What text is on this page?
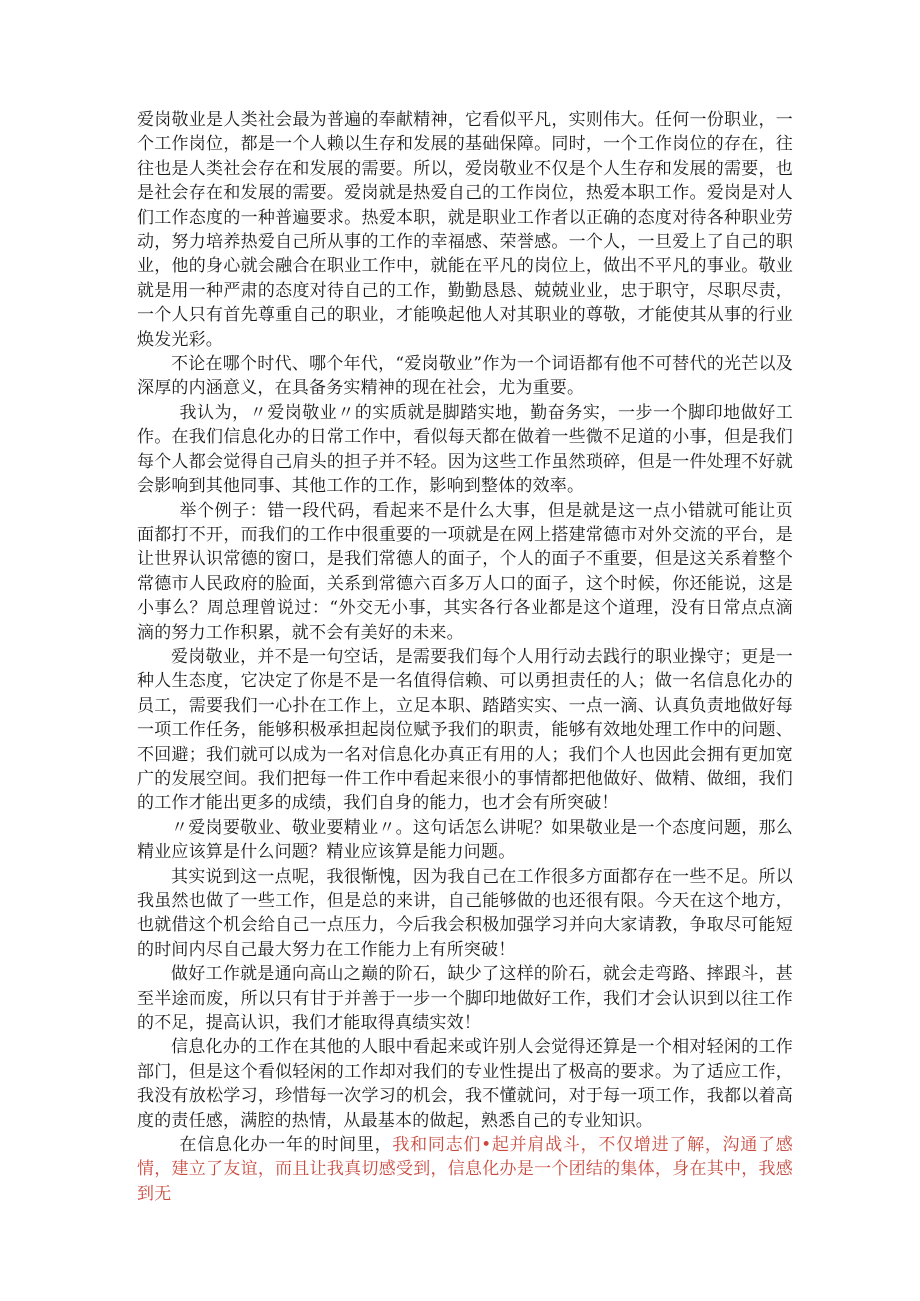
爱岗敬业是人类社会最为普遍的奉献精神，它看似平凡，实则伟大。任何一份职业，一个工作岗位，都是一个人赖以生存和发展的基础保障。同时，一个工作岗位的存在，往往也是人类社会存在和发展的需要。所以，爱岗敬业不仅是个人生存和发展的需要，也是社会存在和发展的需要。爱岗就是热爱自己的工作岗位，热爱本职工作。爱岗是对人们工作态度的一种普遍要求。热爱本职，就是职业工作者以正确的态度对待各种职业劳动，努力培养热爱自己所从事的工作的幸福感、荣誉感。一个人，一旦爱上了自己的职业，他的身心就会融合在职业工作中，就能在平凡的岗位上，做出不平凡的事业。敬业就是用一种严肃的态度对待自己的工作，勤勤恳恳、兢兢业业，忠于职守，尽职尽责，一个人只有首先尊重自己的职业，才能唤起他人对其职业的尊敬，才能使其从事的行业焕发光彩。

不论在哪个时代、哪个年代，“爱岗敬业”作为一个词语都有他不可替代的光芒以及深厚的内涵意义，在具备务实精神的现在社会，尤为重要。

我认为，〃爱岗敬业〃的实质就是脚踏实地，勤奋务实，一步一个脚印地做好工作。在我们信息化办的日常工作中，看似每天都在做着一些微不足道的小事，但是我们每个人都会觉得自己肩头的担子并不轻。因为这些工作虽然琐碎，但是一件处理不好就会影响到其他同事、其他工作的工作，影响到整体的效率。

举个例子：错一段代码，看起来不是什么大事，但是就是这一点小错就可能让页面都打不开，而我们的工作中很重要的一项就是在网上搭建常德市对外交流的平台，是让世界认识常德的窗口，是我们常德人的面子，个人的面子不重要，但是这关系着整个常德市人民政府的脸面，关系到常德六百多万人口的面子，这个时候，你还能说，这是小事么？周总理曾说过：“外交无小事，其实各行各业都是这个道理，没有日常点点滴滴的努力工作积累，就不会有美好的未来。

爱岗敬业，并不是一句空话，是需要我们每个人用行动去践行的职业操守；更是一种人生态度，它决定了你是不是一名值得信赖、可以勇担责任的人；做一名信息化办的员工，需要我们一心扑在工作上，立足本职、踏踏实实、一点一滴、认真负责地做好每一项工作任务，能够积极承担起岗位赋予我们的职责，能够有效地处理工作中的问题、不回避；我们就可以成为一名对信息化办真正有用的人；我们个人也因此会拥有更加宽广的发展空间。我们把每一件工作中看起来很小的事情都把他做好、做精、做细，我们的工作才能出更多的成绩，我们自身的能力，也才会有所突破！

〃爱岗要敬业、敬业要精业〃。这句话怎么讲呢？如果敬业是一个态度问题，那么精业应该算是什么问题？精业应该算是能力问题。

其实说到这一点呢，我很惭愧，因为我自己在工作很多方面都存在一些不足。所以我虽然也做了一些工作，但是总的来讲，自己能够做的也还很有限。今天在这个地方，也就借这个机会给自己一点压力，今后我会积极加强学习并向大家请教，争取尽可能短的时间内尽自己最大努力在工作能力上有所突破！

做好工作就是通向高山之巅的阶石，缺少了这样的阶石，就会走弯路、摔跟斗，甚至半途而废，所以只有甘于并善于一步一个脚印地做好工作，我们才会认识到以往工作的不足，提高认识，我们才能取得真绩实效！

信息化办的工作在其他的人眼中看起来或许别人会觉得还算是一个相对轻闲的工作部门，但是这个看似轻闲的工作却对我们的专业性提出了极高的要求。为了适应工作，我没有放松学习，珍惜每一次学习的机会，我不懂就问，对于每一项工作，我都以着高度的责任感，满腔的热情，从最基本的做起，熟悉自己的专业知识。

在信息化办一年的时间里，我和同志们•起并肩战斗，不仅增进了解，沟通了感情，建立了友谊，而且让我真切感受到，信息化办是一个团结的集体，身在其中，我感到无
